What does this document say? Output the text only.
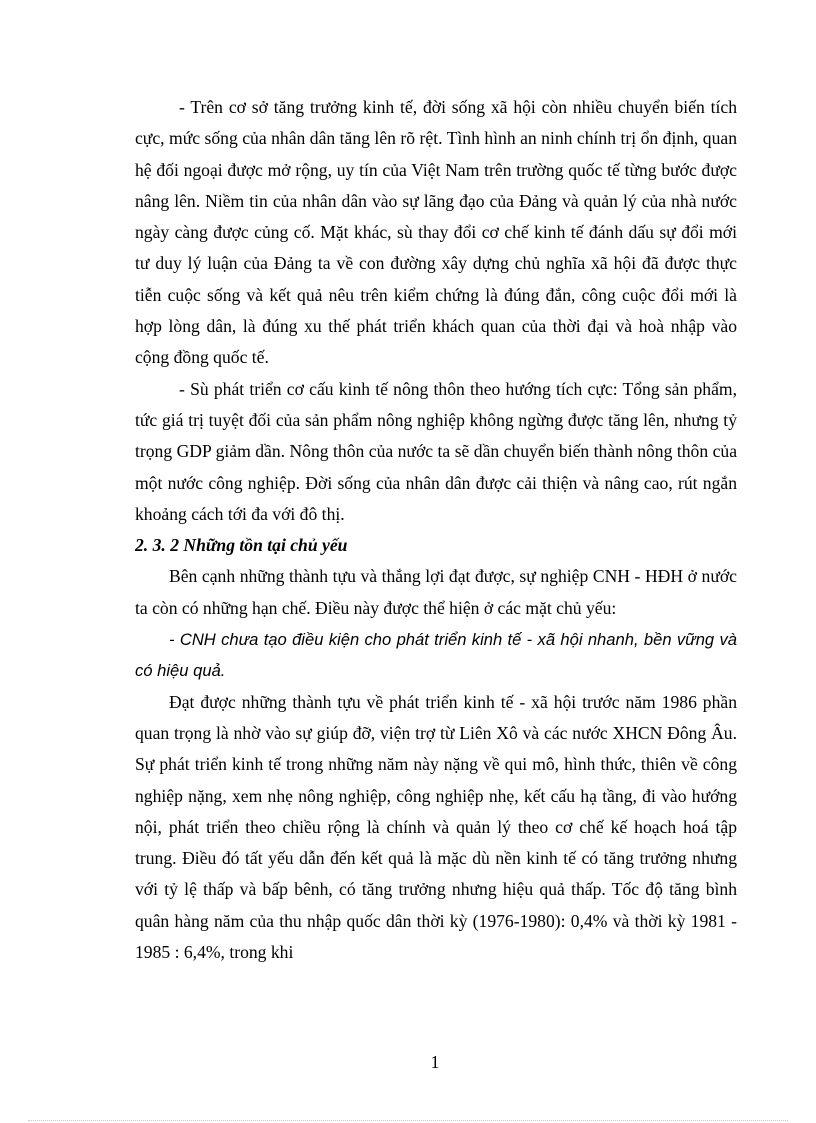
- Trên cơ sở tăng trưởng kinh tế, đời sống xã hội còn nhiều chuyển biến tích cực, mức sống của nhân dân tăng lên rõ rệt. Tình hình an ninh chính trị ổn định, quan hệ đối ngoại được mở rộng, uy tín của Việt Nam trên trường quốc tế từng bước được nâng lên. Niềm tin của nhân dân vào sự lãng đạo của Đảng và quản lý của nhà nước ngày càng được củng cố. Mặt khác, sù thay đổi cơ chế kinh tế đánh dấu sự đổi mới tư duy lý luận của Đảng ta về con đường xây dựng chủ nghĩa xã hội đã được thực tiễn cuộc sống và kết quả nêu trên kiểm chứng là đúng đắn, công cuộc đổi mới là hợp lòng dân, là đúng xu thế phát triển khách quan của thời đại và hoà nhập vào cộng đồng quốc tế.

- Sù phát triển cơ cấu kinh tế nông thôn theo hướng tích cực: Tổng sản phẩm, tức giá trị tuyệt đối của sản phẩm nông nghiệp không ngừng được tăng lên, nhưng tỷ trọng GDP giảm dần. Nông thôn của nước ta sẽ dần chuyển biến thành nông thôn của một nước công nghiệp. Đời sống của nhân dân được cải thiện và nâng cao, rút ngắn khoảng cách tới đa với đô thị.

2. 3. 2 Những tồn tại chủ yếu

Bên cạnh những thành tựu và thắng lợi đạt được, sự nghiệp CNH - HĐH ở nước ta còn có những hạn chế. Điều này được thể hiện ở các mặt chủ yếu:

- CNH chưa tạo điều kiện cho phát triển kinh tế - xã hội nhanh, bền vững và có hiệu quả.

Đạt được những thành tựu về phát triển kinh tế - xã hội trước năm 1986 phần quan trọng là nhờ vào sự giúp đỡ, viện trợ từ Liên Xô và các nước XHCN Đông Âu. Sự phát triển kinh tế trong những năm này nặng về qui mô, hình thức, thiên về công nghiệp nặng, xem nhẹ nông nghiệp, công nghiệp nhẹ, kết cấu hạ tầng, đi vào hướng nội, phát triển theo chiều rộng là chính và quản lý theo cơ chế kế hoạch hoá tập trung. Điều đó tất yếu dẫn đến kết quả là mặc dù nền kinh tế có tăng trưởng nhưng với tỷ lệ thấp và bấp bênh, có tăng trưởng nhưng hiệu quả thấp. Tốc độ tăng bình quân hàng năm của thu nhập quốc dân thời kỳ (1976-1980): 0,4% và thời kỳ 1981 - 1985 : 6,4%, trong khi

1
